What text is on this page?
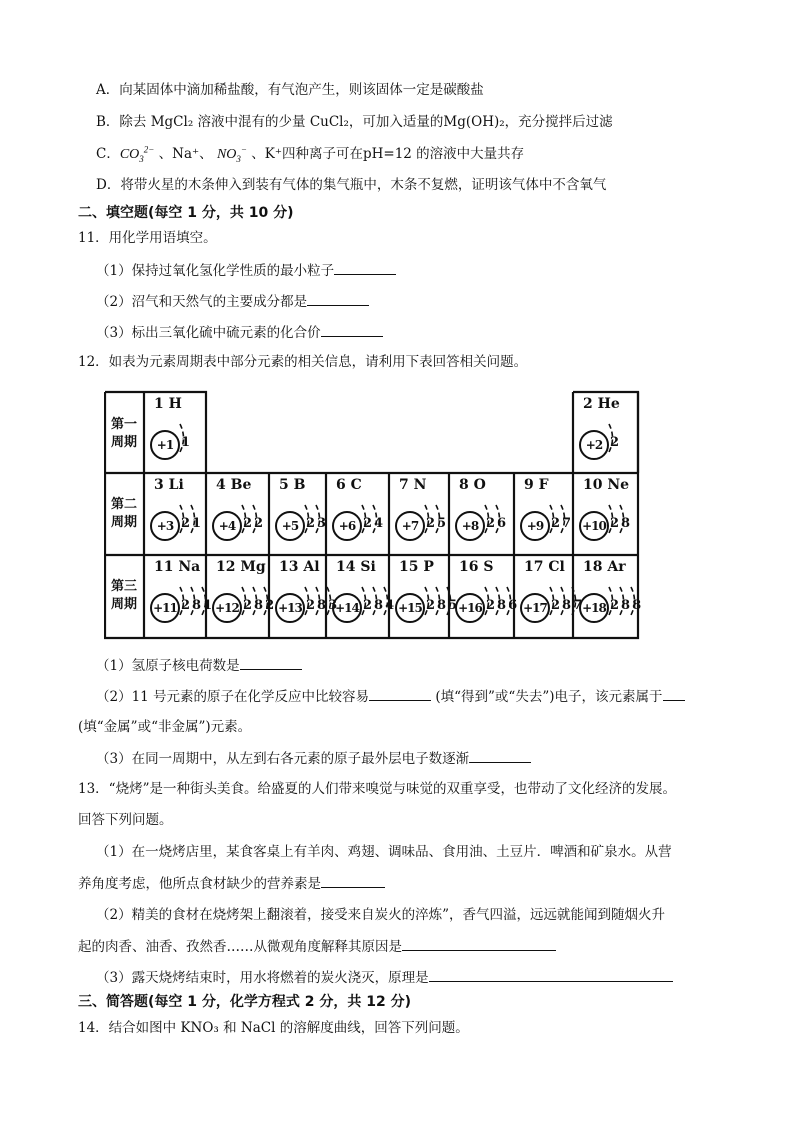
A．向某固体中滴加稀盐酸，有气泡产生，则该固体一定是碳酸盐
B．除去 MgCl₂ 溶液中混有的少量 CuCl₂，可加入适量的Mg(OH)₂，充分搅拌后过滤
C．$CO_3^{2-}$ 、Na⁺、 $NO_3^-$ 、K⁺四种离子可在pH=12 的溶液中大量共存
D．将带火星的木条伸入到装有气体的集气瓶中，木条不复燃，证明该气体中不含氧气
二、填空题(每空 1 分，共 10 分)
11．用化学用语填空。
（1）保持过氧化氢化学性质的最小粒子
（2）沼气和天然气的主要成分都是
（3）标出三氧化硫中硫元素的化合价
12．如表为元素周期表中部分元素的相关信息，请利用下表回答相关问题。
第一周期
第二周期
第三周期
1 H
+1 1
2 He
+2 2
3 Li
+3 21
4 Be
+4 22
5 B
+5 23
6 C
+6 24
7 N
+7 25
8 O
+8 26
9 F
+9 27
10 Ne
+10 28
11 Na
+11 281
12 Mg
+12 282
13 Al
+13 283
14 Si
+14 284
15 P
+15 285
16 S
+16 286
17 Cl
+17 287
18 Ar
+18 288
（1）氢原子核电荷数是
（2）11 号元素的原子在化学反应中比较容易	(填“得到”或“失去”)电子，该元素属于
(填“金属”或“非金属”)元素。
（3）在同一周期中，从左到右各元素的原子最外层电子数逐渐
13．“烧烤”是一种街头美食。给盛夏的人们带来嗅觉与味觉的双重享受，也带动了文化经济的发展。
回答下列问题。
（1）在一烧烤店里，某食客桌上有羊肉、鸡翅、调味品、食用油、土豆片．啤酒和矿泉水。从营
养角度考虑，他所点食材缺少的营养素是
（2）精美的食材在烧烤架上翻滚着，接受来自炭火的淬炼”，香气四溢，远远就能闻到随烟火升
起的肉香、油香、孜然香……从微观角度解释其原因是
（3）露天烧烤结束时，用水将燃着的炭火浇灭，原理是
三、简答题(每空 1 分，化学方程式 2 分，共 12 分)
14．结合如图中 KNO₃ 和 NaCl 的溶解度曲线，回答下列问题。
